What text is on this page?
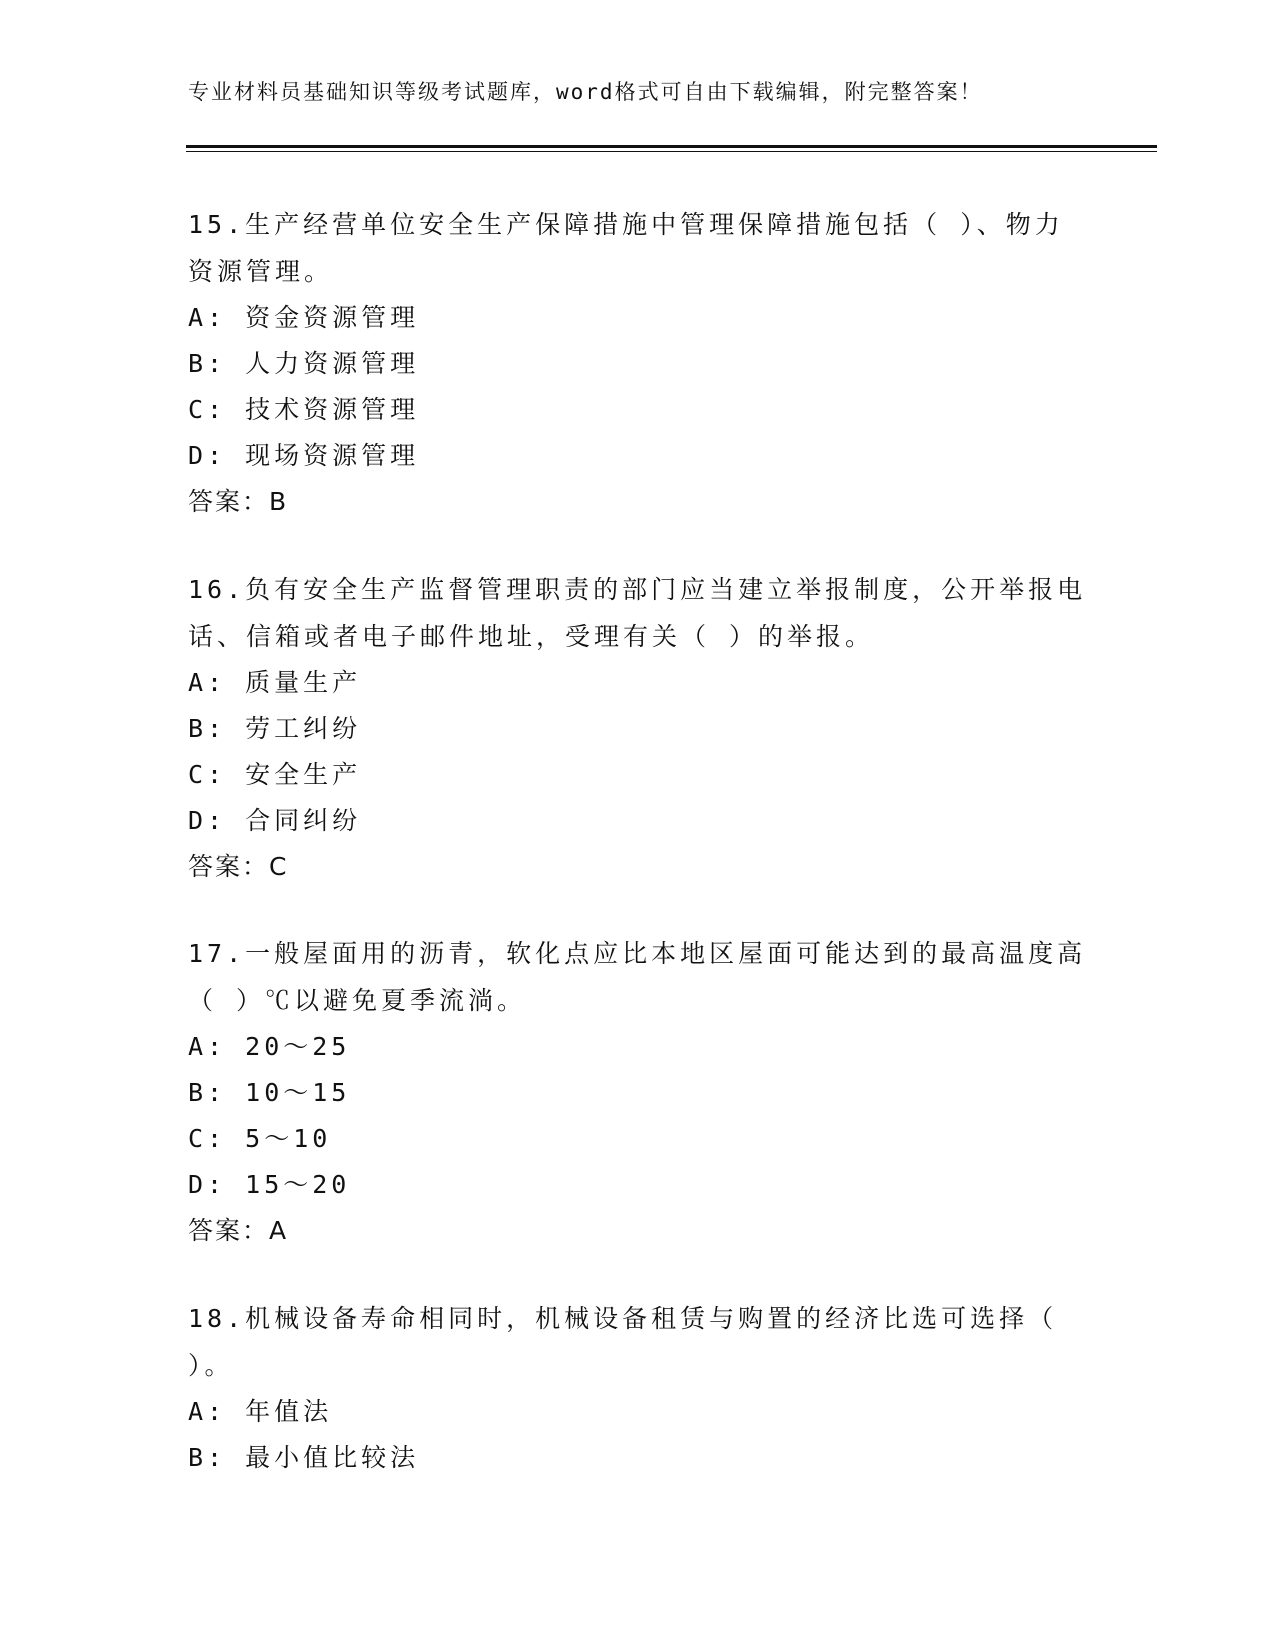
专业材料员基础知识等级考试题库，word格式可自由下载编辑，附完整答案！
15.生产经营单位安全生产保障措施中管理保障措施包括（ ）、物力
资源管理。
A: 资金资源管理
B: 人力资源管理
C: 技术资源管理
D: 现场资源管理
答案：B
16.负有安全生产监督管理职责的部门应当建立举报制度，公开举报电
话、信箱或者电子邮件地址，受理有关（ ）的举报。
A: 质量生产
B: 劳工纠纷
C: 安全生产
D: 合同纠纷
答案：C
17.一般屋面用的沥青，软化点应比本地区屋面可能达到的最高温度高
（ ）℃以避免夏季流淌。
A: 20～25
B: 10～15
C: 5～10
D: 15～20
答案：A
18.机械设备寿命相同时，机械设备租赁与购置的经济比选可选择（
）。
A: 年值法
B: 最小值比较法
